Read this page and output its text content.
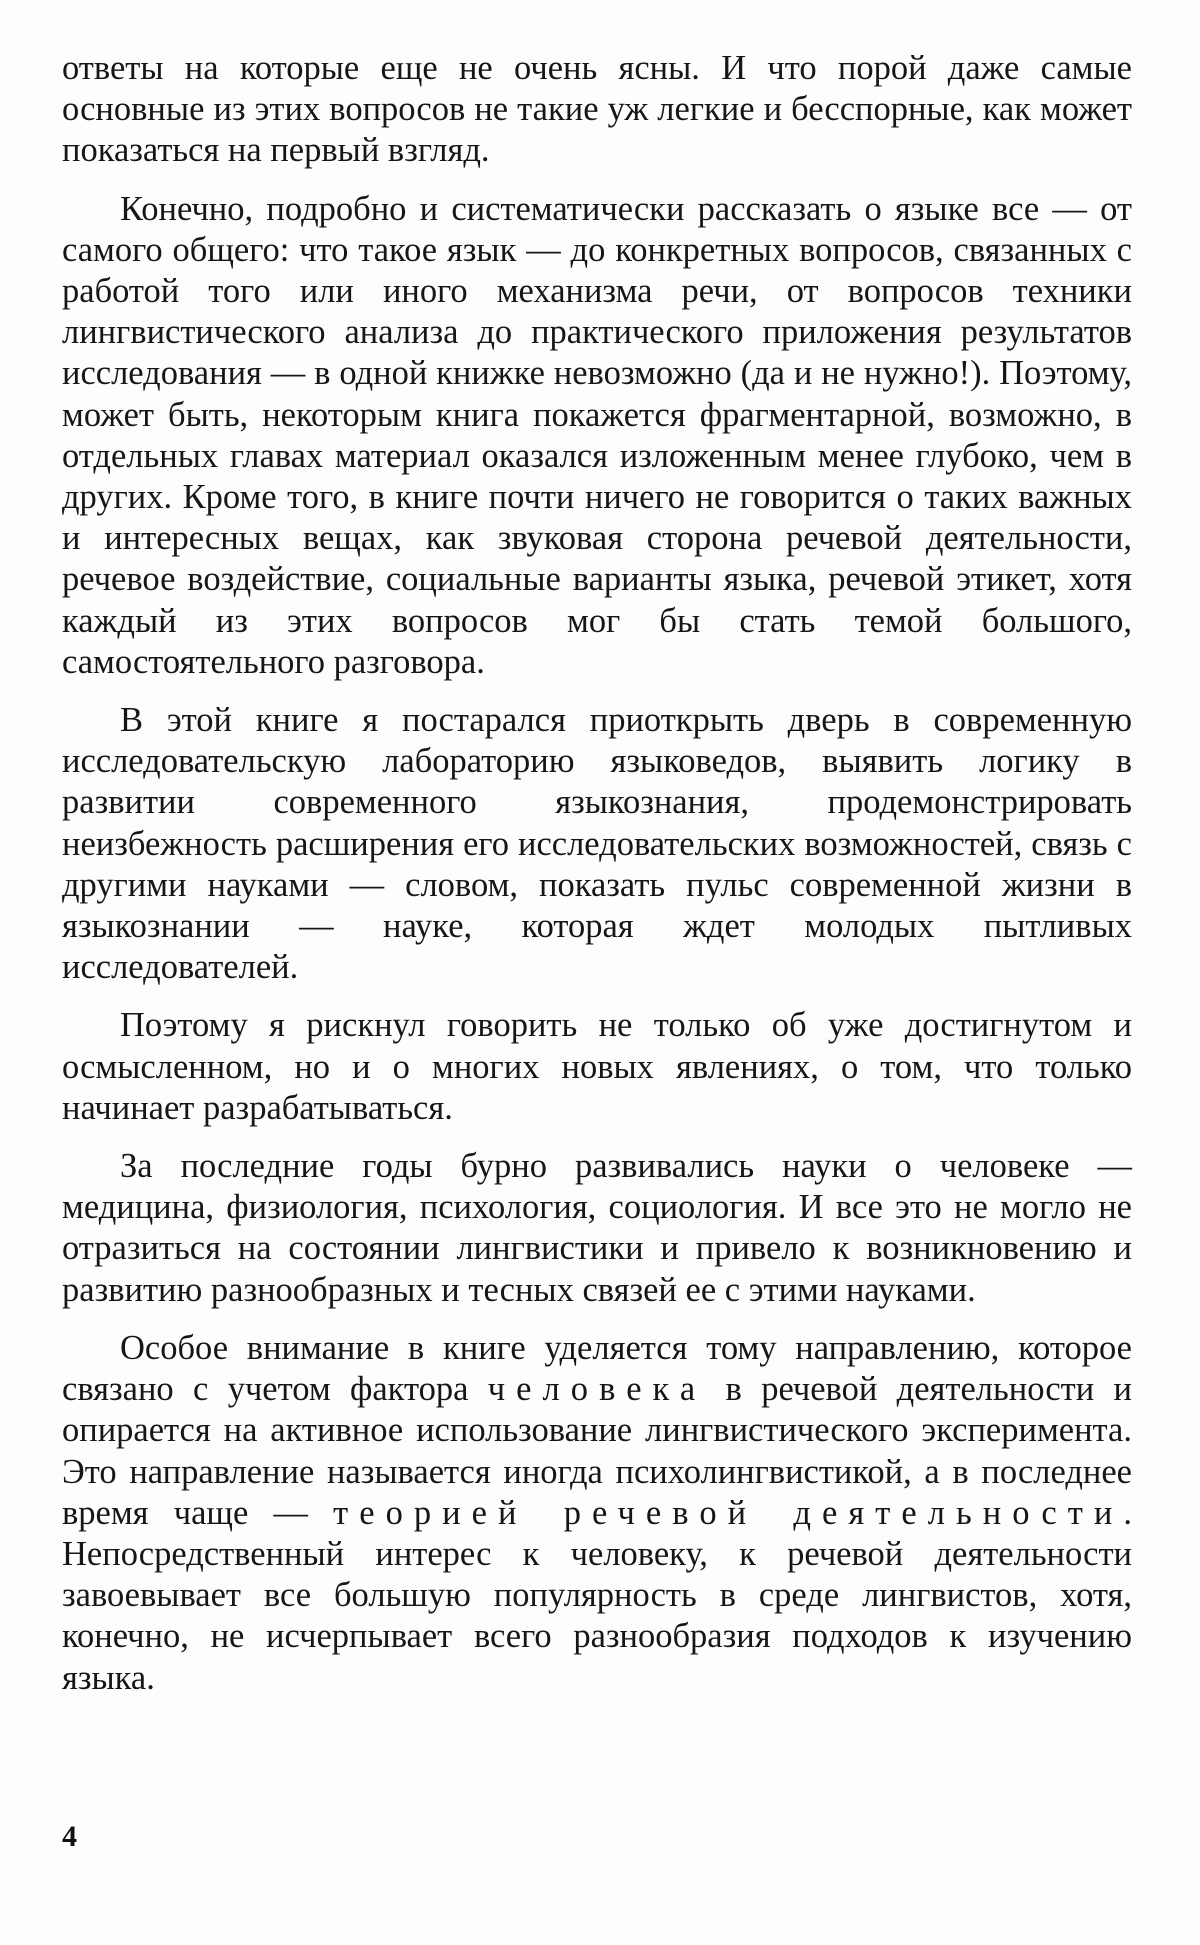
ответы на которые еще не очень ясны. И что порой даже самые основные из этих вопросов не такие уж легкие и бесспорные, как может показаться на первый взгляд.

Конечно, подробно и систематически рассказать о языке все — от самого общего: что такое язык — до конкретных вопросов, связанных с работой того или иного механизма речи, от вопросов техники лингвистического анализа до практического приложения результатов исследования — в одной книжке невозможно (да и не нужно!). Поэтому, может быть, некоторым книга покажется фрагментарной, возможно, в отдельных главах материал оказался изложенным менее глубоко, чем в других. Кроме того, в книге почти ничего не говорится о таких важных и интересных вещах, как звуковая сторона речевой деятельности, речевое воздействие, социальные варианты языка, речевой этикет, хотя каждый из этих вопросов мог бы стать темой большого, самостоятельного разговора.

В этой книге я постарался приоткрыть дверь в современную исследовательскую лабораторию языковедов, выявить логику в развитии современного языкознания, продемонстрировать неизбежность расширения его исследовательских возможностей, связь с другими науками — словом, показать пульс современной жизни в языкознании — науке, которая ждет молодых пытливых исследователей.

Поэтому я рискнул говорить не только об уже достигнутом и осмысленном, но и о многих новых явлениях, о том, что только начинает разрабатываться.

За последние годы бурно развивались науки о человеке — медицина, физиология, психология, социология. И все это не могло не отразиться на состоянии лингвистики и привело к возникновению и развитию разнообразных и тесных связей ее с этими науками.

Особое внимание в книге уделяется тому направлению, которое связано с учетом фактора человека в речевой деятельности и опирается на активное использование лингвистического эксперимента. Это направление называется иногда психолингвистикой, а в последнее время чаще — теорией речевой деятельности. Непосредственный интерес к человеку, к речевой деятельности завоевывает все большую популярность в среде лингвистов, хотя, конечно, не исчерпывает всего разнообразия подходов к изучению языка.

4
